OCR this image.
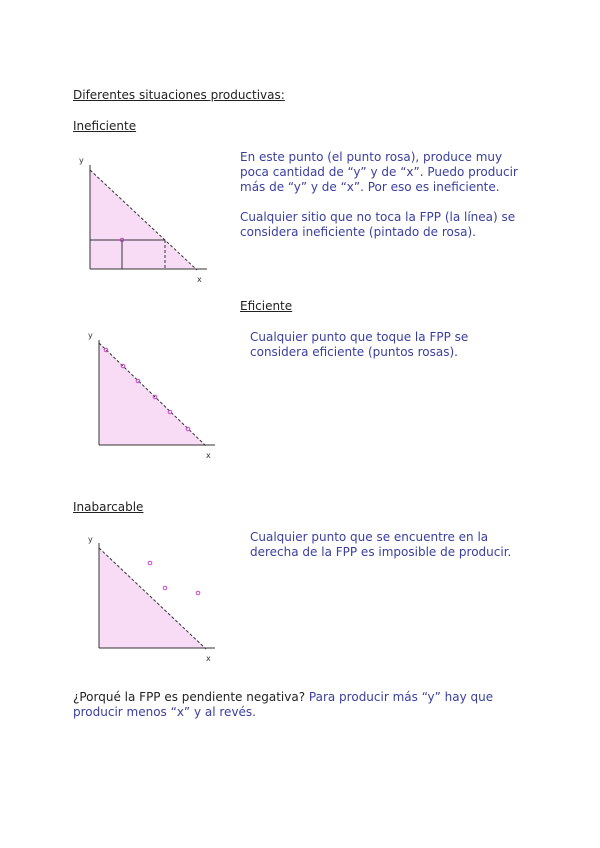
Diferentes situaciones productivas:
Ineficiente
y
x
En este punto (el punto rosa), produce muy
poca cantidad de “y” y de “x”. Puedo producir
más de “y” y de “x”. Por eso es ineficiente.
Cualquier sitio que no toca la FPP (la línea) se
considera ineficiente (pintado de rosa).
Eficiente
y
x
Cualquier punto que toque la FPP se
considera eficiente (puntos rosas).
Inabarcable
y
x
Cualquier punto que se encuentre en la
derecha de la FPP es imposible de producir.
¿Porqué la FPP es pendiente negativa? Para producir más “y” hay que
producir menos “x” y al revés.
